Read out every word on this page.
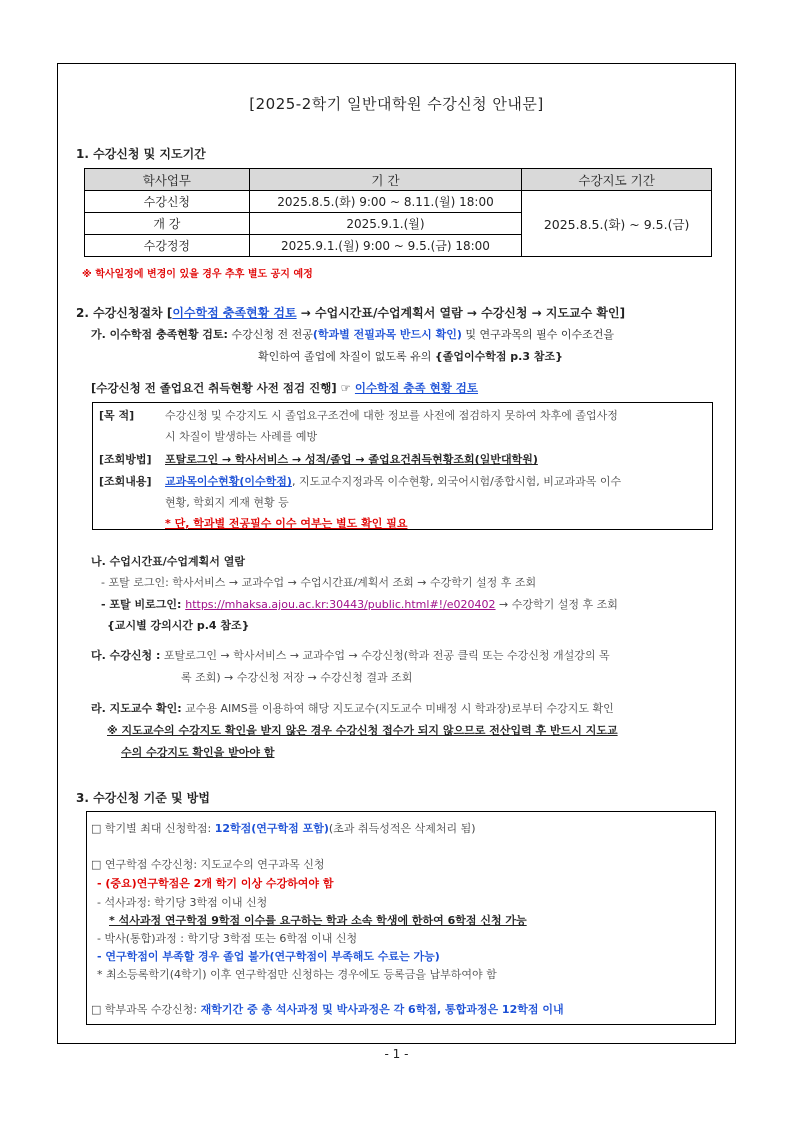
[2025-2학기 일반대학원 수강신청 안내문]
1. 수강신청 및 지도기간
학사업무	기 간	수강지도 기간
수강신청	2025.8.5.(화) 9:00 ~ 8.11.(월) 18:00	2025.8.5.(화) ~ 9.5.(금)
개 강	2025.9.1.(월)	
수강정정	2025.9.1.(월) 9:00 ~ 9.5.(금) 18:00	
※ 학사일정에 변경이 있을 경우 추후 별도 공지 예정
2. 수강신청절차 [이수학점 충족현황 검토 → 수업시간표/수업계획서 열람 → 수강신청 → 지도교수 확인]
가. 이수학점 충족현황 검토: 수강신청 전 전공(학과별 전필과목 반드시 확인) 및 연구과목의 필수 이수조건을
확인하여 졸업에 차질이 없도록 유의 {졸업이수학점 p.3 참조}
[수강신청 전 졸업요건 취득현황 사전 점검 진행] ☞ 이수학점 충족 현황 검토
[목 적]	수강신청 및 수강지도 시 졸업요구조건에 대한 정보를 사전에 점검하지 못하여 차후에 졸업사정
시 차질이 발생하는 사례를 예방
[조회방법] 포탈로그인 → 학사서비스 → 성적/졸업 → 졸업요건취득현황조회(일반대학원)
[조회내용] 교과목이수현황(이수학점), 지도교수지정과목 이수현황, 외국어시험/종합시험, 비교과과목 이수
현황, 학회지 게재 현황 등
* 단, 학과별 전공필수 이수 여부는 별도 확인 필요
나. 수업시간표/수업계획서 열람
- 포탈 로그인: 학사서비스 → 교과수업 → 수업시간표/계획서 조회 → 수강학기 설정 후 조회
- 포탈 비로그인: https://mhaksa.ajou.ac.kr:30443/public.html#!/e020402 → 수강학기 설정 후 조회
{교시별 강의시간 p.4 참조}
다. 수강신청 : 포탈로그인 → 학사서비스 → 교과수업 → 수강신청(학과 전공 클릭 또는 수강신청 개설강의 목
록 조회) → 수강신청 저장 → 수강신청 결과 조회
라. 지도교수 확인: 교수용 AIMS를 이용하여 해당 지도교수(지도교수 미배정 시 학과장)로부터 수강지도 확인
※ 지도교수의 수강지도 확인을 받지 않은 경우 수강신청 접수가 되지 않으므로 전산입력 후 반드시 지도교
수의 수강지도 확인을 받아야 함
3. 수강신청 기준 및 방법
□ 학기별 최대 신청학점: 12학점(연구학점 포함)(초과 취득성적은 삭제처리 됨)
□ 연구학점 수강신청: 지도교수의 연구과목 신청
- (중요)연구학점은 2개 학기 이상 수강하여야 함
- 석사과정: 학기당 3학점 이내 신청
* 석사과정 연구학점 9학점 이수를 요구하는 학과 소속 학생에 한하여 6학점 신청 가능
- 박사(통합)과정 : 학기당 3학점 또는 6학점 이내 신청
- 연구학점이 부족할 경우 졸업 불가(연구학점이 부족해도 수료는 가능)
* 최소등록학기(4학기) 이후 연구학점만 신청하는 경우에도 등록금을 납부하여야 함
□ 학부과목 수강신청: 재학기간 중 총 석사과정 및 박사과정은 각 6학점, 통합과정은 12학점 이내
- 1 -
